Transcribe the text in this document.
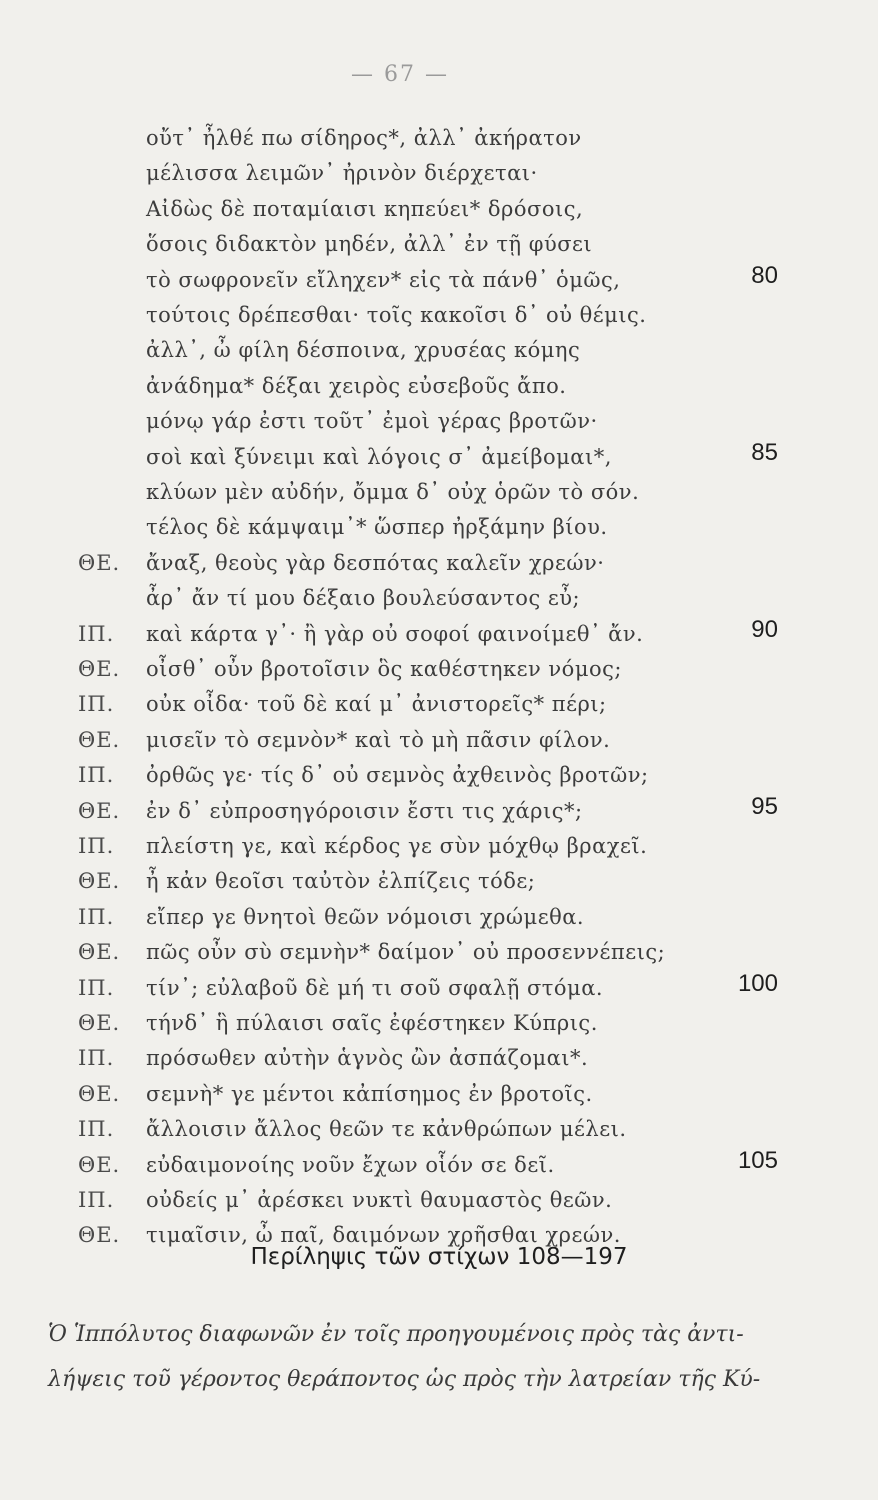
— 67 —
οὔτ᾽ ἦλθέ πω σίδηρος*, ἀλλ᾽ ἀκήρατον
μέλισσα λειμῶν᾽ ἠρινὸν διέρχεται·
Αἰδὼς δὲ ποταμίαισι κηπεύει* δρόσοις,
ὅσοις διδακτὸν μηδέν, ἀλλ᾽ ἐν τῇ φύσει
τὸ σωφρονεῖν εἴληχεν* εἰς τὰ πάνθ᾽ ὁμῶς,	80
τούτοις δρέπεσθαι· τοῖς κακοῖσι δ᾽ οὐ θέμις.
ἀλλ᾽, ὦ φίλη δέσποινα, χρυσέας κόμης
ἀνάδημα* δέξαι χειρὸς εὐσεβοῦς ἄπο.
μόνῳ γάρ ἐστι τοῦτ᾽ ἐμοὶ γέρας βροτῶν·
σοὶ καὶ ξύνειμι καὶ λόγοις σ᾽ ἀμείβομαι*,	85
κλύων μὲν αὐδήν, ὄμμα δ᾽ οὐχ ὁρῶν τὸ σόν.
τέλος δὲ κάμψαιμ᾽* ὥσπερ ἠρξάμην βίου.
ΘΕ. ἄναξ, θεοὺς γὰρ δεσπότας καλεῖν χρεών·
ἆρ᾽ ἄν τί μου δέξαιο βουλεύσαντος εὖ;
ΙΠ. καὶ κάρτα γ᾽· ἢ γὰρ οὐ σοφοί φαινοίμεθ᾽ ἄν.	90
ΘΕ. οἶσθ᾽ οὖν βροτοῖσιν ὃς καθέστηκεν νόμος;
ΙΠ. οὐκ οἶδα· τοῦ δὲ καί μ᾽ ἀνιστορεῖς* πέρι;
ΘΕ. μισεῖν τὸ σεμνὸν* καὶ τὸ μὴ πᾶσιν φίλον.
ΙΠ. ὀρθῶς γε· τίς δ᾽ οὐ σεμνὸς ἀχθεινὸς βροτῶν;
ΘΕ. ἐν δ᾽ εὐπροσηγόροισιν ἔστι τις χάρις*;	95
ΙΠ. πλείστη γε, καὶ κέρδος γε σὺν μόχθῳ βραχεῖ.
ΘΕ. ἦ κἀν θεοῖσι ταὐτὸν ἐλπίζεις τόδε;
ΙΠ. εἴπερ γε θνητοὶ θεῶν νόμοισι χρώμεθα.
ΘΕ. πῶς οὖν σὺ σεμνὴν* δαίμον᾽ οὐ προσεννέπεις;
ΙΠ. τίν᾽; εὐλαβοῦ δὲ μή τι σοῦ σφαλῇ στόμα.	100
ΘΕ. τήνδ᾽ ἣ πύλαισι σαῖς ἐφέστηκεν Κύπρις.
ΙΠ. πρόσωθεν αὐτὴν ἁγνὸς ὢν ἀσπάζομαι*.
ΘΕ. σεμνὴ* γε μέντοι κἀπίσημος ἐν βροτοῖς.
ΙΠ. ἄλλοισιν ἄλλος θεῶν τε κἀνθρώπων μέλει.
ΘΕ. εὐδαιμονοίης νοῦν ἔχων οἷόν σε δεῖ.	105
ΙΠ. οὐδείς μ᾽ ἀρέσκει νυκτὶ θαυμαστὸς θεῶν.
ΘΕ. τιμαῖσιν, ὦ παῖ, δαιμόνων χρῆσθαι χρεών.
Περίληψις τῶν στίχων 108—197
Ὁ Ἱππόλυτος διαφωνῶν ἐν τοῖς προηγουμένοις πρὸς τὰς ἀντι-
λήψεις τοῦ γέροντος θεράποντος ὡς πρὸς τὴν λατρείαν τῆς Κύ-
